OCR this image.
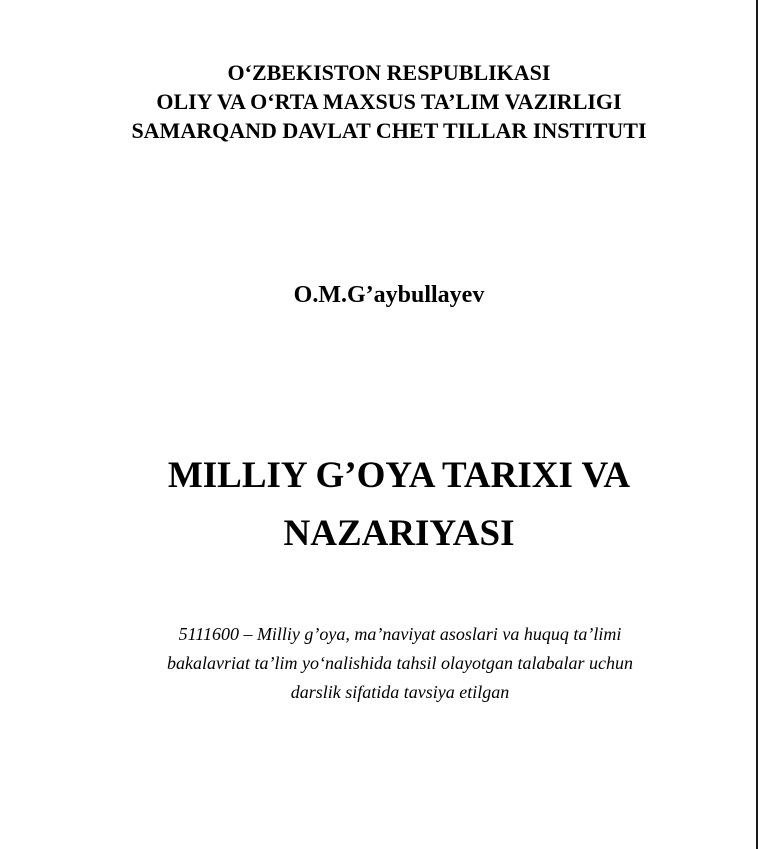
O‘ZBEKISTON RESPUBLIKASI
OLIY VA O‘RTA MAXSUS TA’LIM VAZIRLIGI
SAMARQAND DAVLAT CHET TILLAR INSTITUTI
O.M.G’aybullayev
MILLIY G’OYA TARIXI VA
NAZARIYASI
5111600 – Milliy g’oya, ma’naviyat asoslari va huquq ta’limi
bakalavriat ta’lim yo‘nalishida tahsil olayotgan talabalar uchun
darslik sifatida tavsiya etilgan
